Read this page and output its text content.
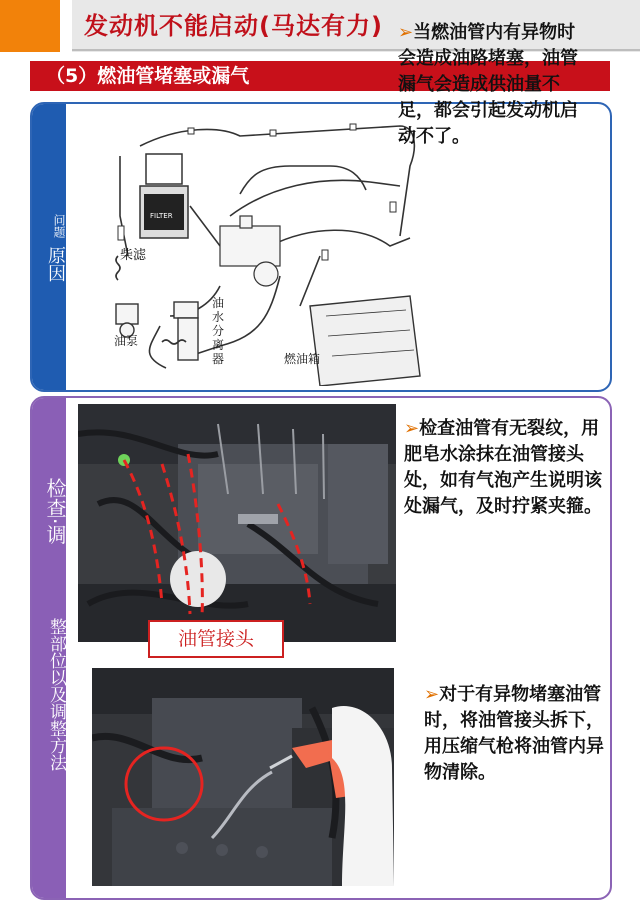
发动机不能启动(马达有力)
（5）燃油管堵塞或漏气
问题
原因
FILTER
柴滤
油泵
油水分离器	燃油箱
➢当燃油管内有异物时会造成油路堵塞，油管漏气会造成供油量不足，都会引起发动机启动不了。
检查·调
整部位以及调整方法	油管接头
➢检查油管有无裂纹，用肥皂水涂抹在油管接头处，如有气泡产生说明该处漏气，及时拧紧夹箍。
➢对于有异物堵塞油管时，将油管接头拆下，用压缩气枪将油管内异物清除。
